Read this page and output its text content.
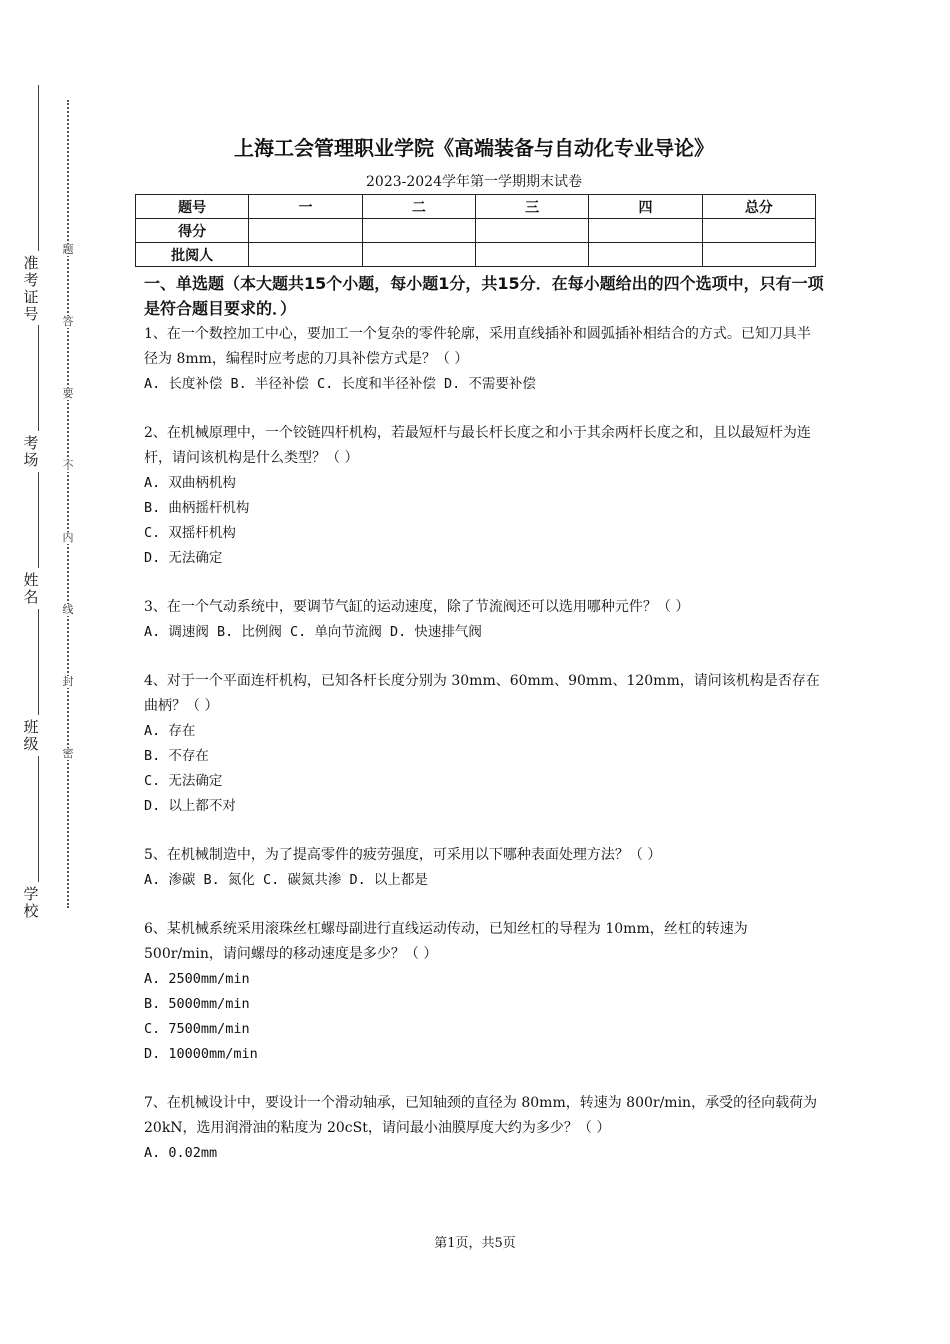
准考证号
考场
姓名
班级
学校
题
答
要
不
内
线
封
密
上海工会管理职业学院《高端装备与自动化专业导论》
2023-2024学年第一学期期末试卷
题号	一	二	三	四	总分
得分					
批阅人					
一、单选题（本大题共15个小题，每小题1分，共15分．在每小题给出的四个选项中，只有一项是符合题目要求的．）
1、在一个数控加工中心，要加工一个复杂的零件轮廓，采用直线插补和圆弧插补相结合的方式。已知刀具半径为 8mm，编程时应考虑的刀具补偿方式是？（ ）
A. 长度补偿 B. 半径补偿 C. 长度和半径补偿 D. 不需要补偿
2、在机械原理中，一个铰链四杆机构，若最短杆与最长杆长度之和小于其余两杆长度之和，且以最短杆为连杆，请问该机构是什么类型？（ ）
A. 双曲柄机构
B. 曲柄摇杆机构
C. 双摇杆机构
D. 无法确定
3、在一个气动系统中，要调节气缸的运动速度，除了节流阀还可以选用哪种元件？（ ）
A. 调速阀 B. 比例阀 C. 单向节流阀 D. 快速排气阀
4、对于一个平面连杆机构，已知各杆长度分别为 30mm、60mm、90mm、120mm，请问该机构是否存在曲柄？（ ）
A. 存在
B. 不存在
C. 无法确定
D. 以上都不对
5、在机械制造中，为了提高零件的疲劳强度，可采用以下哪种表面处理方法？（ ）
A. 渗碳 B. 氮化 C. 碳氮共渗 D. 以上都是
6、某机械系统采用滚珠丝杠螺母副进行直线运动传动，已知丝杠的导程为 10mm，丝杠的转速为 500r/min，请问螺母的移动速度是多少？（ ）
A. 2500mm/min
B. 5000mm/min
C. 7500mm/min
D. 10000mm/min
7、在机械设计中，要设计一个滑动轴承，已知轴颈的直径为 80mm，转速为 800r/min，承受的径向载荷为 20kN，选用润滑油的粘度为 20cSt，请问最小油膜厚度大约为多少？（ ）
A. 0.02mm
第1页，共5页
